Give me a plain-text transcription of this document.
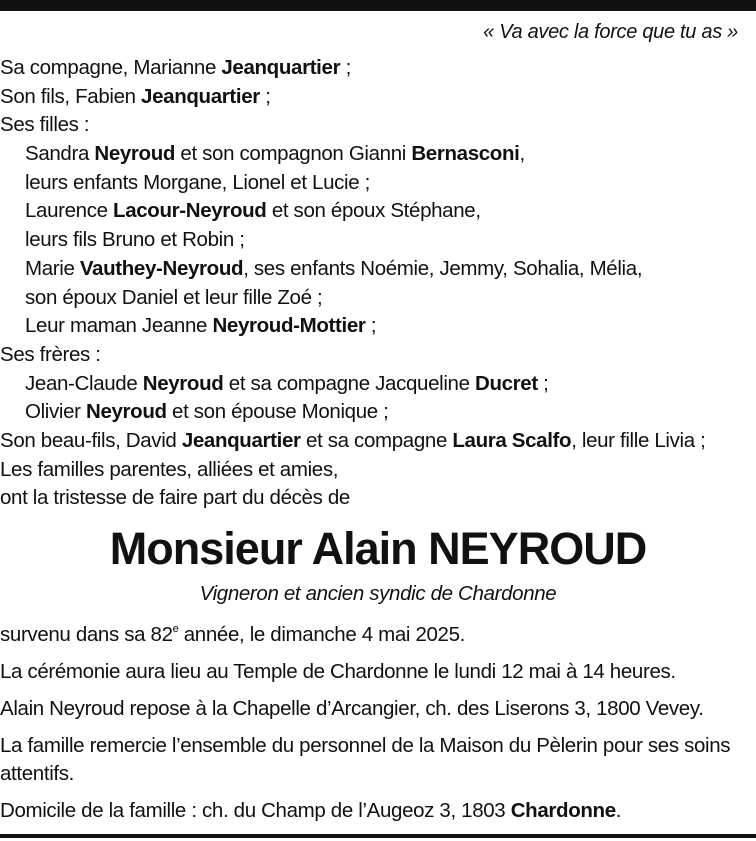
« Va avec la force que tu as »
Sa compagne, Marianne Jeanquartier ;
Son fils, Fabien Jeanquartier ;
Ses filles :
Sandra Neyroud et son compagnon Gianni Bernasconi,
leurs enfants Morgane, Lionel et Lucie ;
Laurence Lacour-Neyroud et son époux Stéphane,
leurs fils Bruno et Robin ;
Marie Vauthey-Neyroud, ses enfants Noémie, Jemmy, Sohalia, Mélia,
son époux Daniel et leur fille Zoé ;
Leur maman Jeanne Neyroud-Mottier ;
Ses frères :
Jean-Claude Neyroud et sa compagne Jacqueline Ducret ;
Olivier Neyroud et son épouse Monique ;
Son beau-fils, David Jeanquartier et sa compagne Laura Scalfo, leur fille Livia ;
Les familles parentes, alliées et amies,
ont la tristesse de faire part du décès de
Monsieur Alain NEYROUD
Vigneron et ancien syndic de Chardonne

survenu dans sa 82e année, le dimanche 4 mai 2025.

La cérémonie aura lieu au Temple de Chardonne le lundi 12 mai à 14 heures.

Alain Neyroud repose à la Chapelle d’Arcangier, ch. des Liserons 3, 1800 Vevey.

La famille remercie l’ensemble du personnel de la Maison du Pèlerin pour ses soins attentifs.

Domicile de la famille : ch. du Champ de l’Augeoz 3, 1803 Chardonne.
